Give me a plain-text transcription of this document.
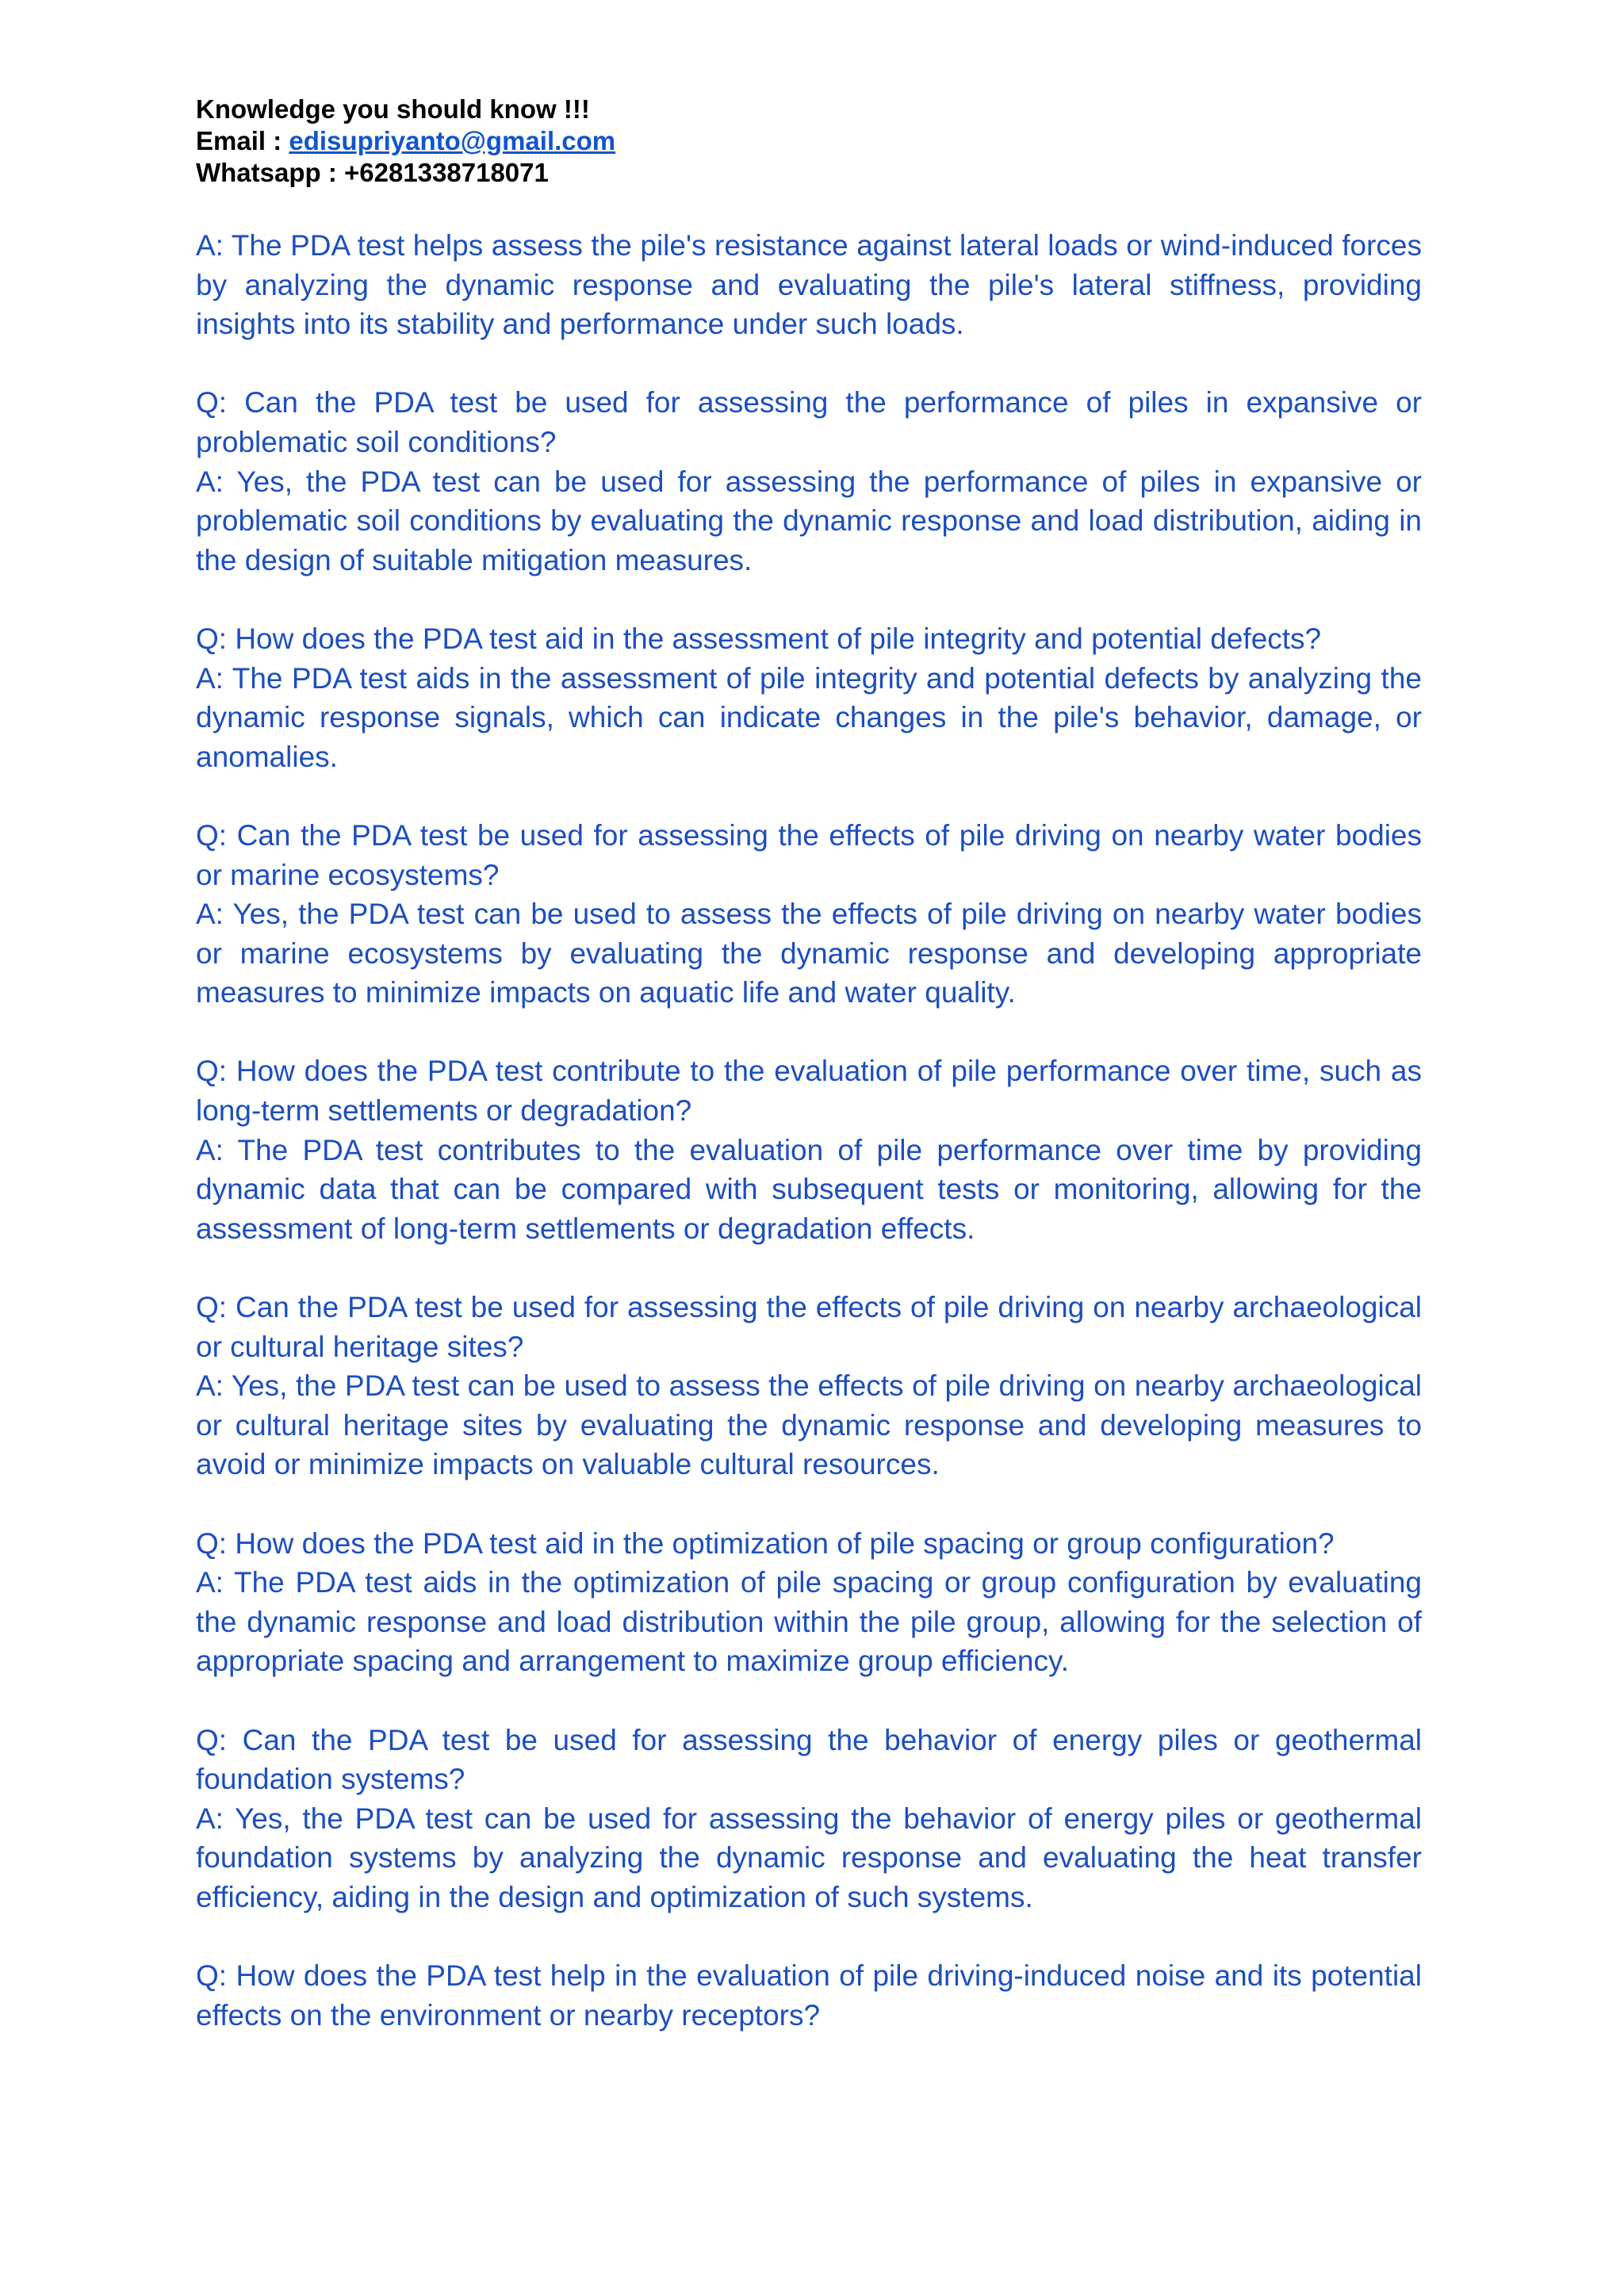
Knowledge you should know !!!

Email : edisupriyanto@gmail.com

Whatsapp : +6281338718071

A: The PDA test helps assess the pile's resistance against lateral loads or wind-induced forces by analyzing the dynamic response and evaluating the pile's lateral stiffness, providing insights into its stability and performance under such loads.

Q: Can the PDA test be used for assessing the performance of piles in expansive or problematic soil conditions?

A: Yes, the PDA test can be used for assessing the performance of piles in expansive or problematic soil conditions by evaluating the dynamic response and load distribution, aiding in the design of suitable mitigation measures.

Q: How does the PDA test aid in the assessment of pile integrity and potential defects?

A: The PDA test aids in the assessment of pile integrity and potential defects by analyzing the dynamic response signals, which can indicate changes in the pile's behavior, damage, or anomalies.

Q: Can the PDA test be used for assessing the effects of pile driving on nearby water bodies or marine ecosystems?

A: Yes, the PDA test can be used to assess the effects of pile driving on nearby water bodies or marine ecosystems by evaluating the dynamic response and developing appropriate measures to minimize impacts on aquatic life and water quality.

Q: How does the PDA test contribute to the evaluation of pile performance over time, such as long-term settlements or degradation?

A: The PDA test contributes to the evaluation of pile performance over time by providing dynamic data that can be compared with subsequent tests or monitoring, allowing for the assessment of long-term settlements or degradation effects.

Q: Can the PDA test be used for assessing the effects of pile driving on nearby archaeological or cultural heritage sites?

A: Yes, the PDA test can be used to assess the effects of pile driving on nearby archaeological or cultural heritage sites by evaluating the dynamic response and developing measures to avoid or minimize impacts on valuable cultural resources.

Q: How does the PDA test aid in the optimization of pile spacing or group configuration?

A: The PDA test aids in the optimization of pile spacing or group configuration by evaluating the dynamic response and load distribution within the pile group, allowing for the selection of appropriate spacing and arrangement to maximize group efficiency.

Q: Can the PDA test be used for assessing the behavior of energy piles or geothermal foundation systems?

A: Yes, the PDA test can be used for assessing the behavior of energy piles or geothermal foundation systems by analyzing the dynamic response and evaluating the heat transfer efficiency, aiding in the design and optimization of such systems.

Q: How does the PDA test help in the evaluation of pile driving-induced noise and its potential effects on the environment or nearby receptors?
